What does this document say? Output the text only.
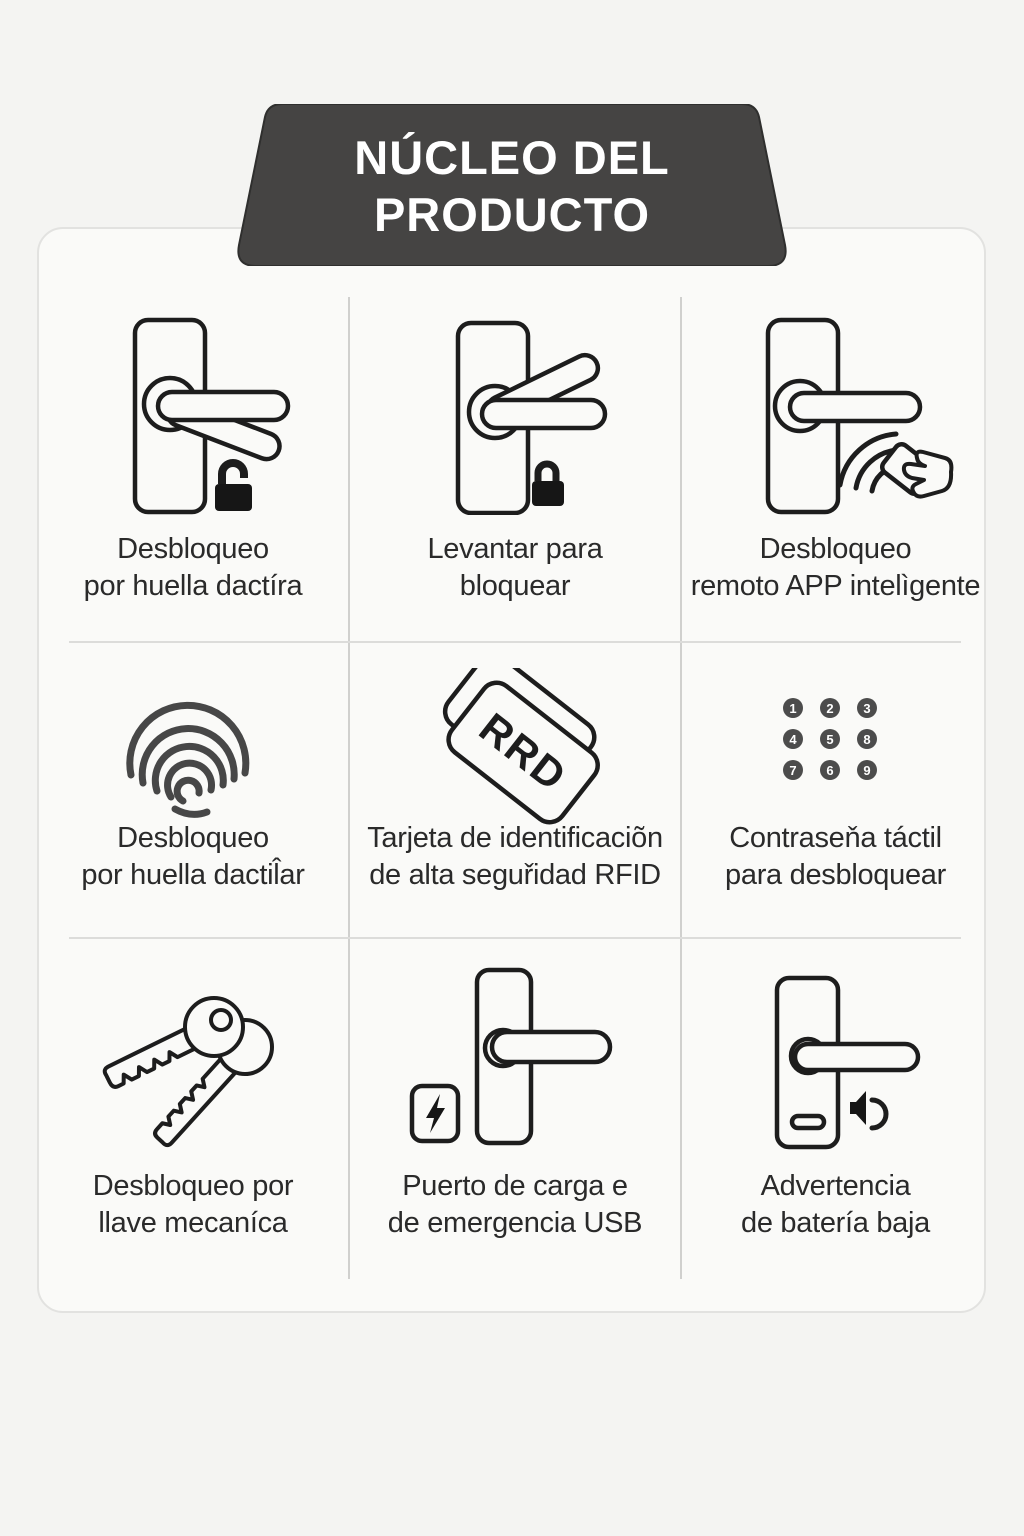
NÚCLEO DEL
PRODUCTO
RRD	1 2 3
4 5 8
7 6 9
Desbloqueo
por huella dactíra
Levantar para
bloquear
Desbloqueo
remoto APP intelìgente
Desbloqueo
por huella dactil̂ar
Tarjeta de identificaciõn
de alta seguřidad RFID
Contraseňa táctil
para desbloquear
Desbloqueo por
llave mecaníca
Puerto de carga e
de emergencia USB
Advertencia
de batería baja
